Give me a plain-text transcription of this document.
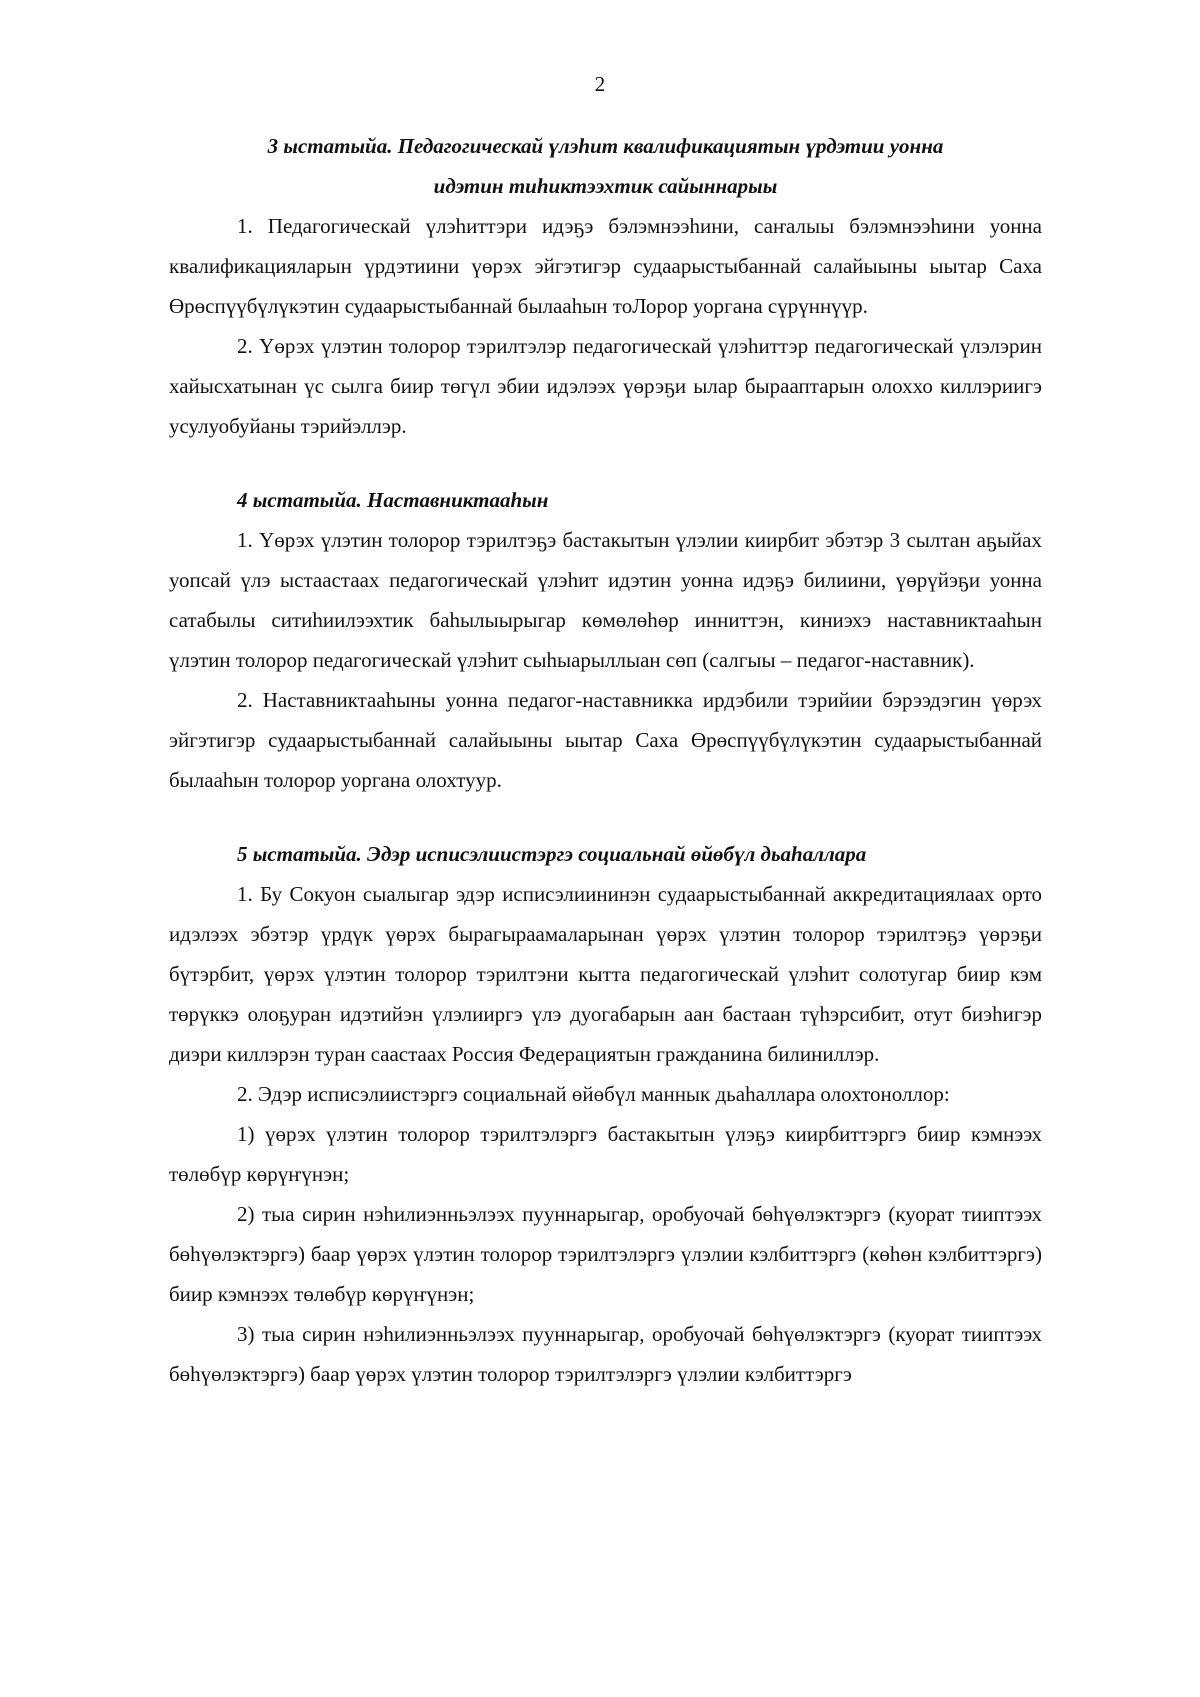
2
3 ыстатыйа. Педагогическай үлэһит квалификациятын үрдэтии уонна
идэтин тиһиктээхтик сайыннарыы

1. Педагогическай үлэһиттэри идэҕэ бэлэмнээһини, саҥалыы бэлэмнээһини уонна квалификацияларын үрдэтиини үөрэх эйгэтигэр судаарыстыбаннай салайыыны ыытар Саха Өрөспүүбүлүкэтин судаарыстыбаннай былааһын тоЛорор уоргана сүрүннүүр.

2. Үөрэх үлэтин толорор тэрилтэлэр педагогическай үлэһиттэр педагогическай үлэлэрин хайысхатынан үс сылга биир төгүл эбии идэлээх үөрэҕи ылар бырааптарын олоххо киллэриигэ усулуобуйаны тэрийэллэр.

4 ыстатыйа. Наставниктааһын

1. Үөрэх үлэтин толорор тэрилтэҕэ бастакытын үлэлии киирбит эбэтэр 3 сылтан аҕыйах уопсай үлэ ыстаастаах педагогическай үлэһит идэтин уонна идэҕэ билиини, үөрүйэҕи уонна сатабылы ситиһиилээхтик баһылыырыгар көмөлөһөр инниттэн, киниэхэ наставниктааһын үлэтин толорор педагогическай үлэһит сыһыарыллыан сөп (салгыы – педагог-наставник).

2. Наставниктааһыны уонна педагог-наставникка ирдэбили тэрийии бэрээдэгин үөрэх эйгэтигэр судаарыстыбаннай салайыыны ыытар Саха Өрөспүүбүлүкэтин судаарыстыбаннай былааһын толорор уоргана олохтуур.

5 ыстатыйа. Эдэр исписэлиистэргэ социальнай өйөбүл дьаһаллара

1. Бу Сокуон сыалыгар эдэр исписэлиининэн судаарыстыбаннай аккредитациялаах орто идэлээх эбэтэр үрдүк үөрэх бырагыраамаларынан үөрэх үлэтин толорор тэрилтэҕэ үөрэҕи бүтэрбит, үөрэх үлэтин толорор тэрилтэни кытта педагогическай үлэһит солотугар биир кэм төрүккэ олоҕуран идэтийэн үлэлииргэ үлэ дуогабарын аан бастаан түһэрсибит, отут биэһигэр диэри киллэрэн туран саастаах Россия Федерациятын гражданина билиниллэр.

2. Эдэр исписэлиистэргэ социальнай өйөбүл маннык дьаһаллара олохтоноллор:

1) үөрэх үлэтин толорор тэрилтэлэргэ бастакытын үлэҕэ киирбиттэргэ биир кэмнээх төлөбүр көрүҥүнэн;

2) тыа сирин нэһилиэнньэлээх пууннарыгар, оробуочай бөһүөлэктэргэ (куорат тииптээх бөһүөлэктэргэ) баар үөрэх үлэтин толорор тэрилтэлэргэ үлэлии кэлбиттэргэ (көһөн кэлбиттэргэ) биир кэмнээх төлөбүр көрүҥүнэн;

3) тыа сирин нэһилиэнньэлээх пууннарыгар, оробуочай бөһүөлэктэргэ (куорат тииптээх бөһүөлэктэргэ) баар үөрэх үлэтин толорор тэрилтэлэргэ үлэлии кэлбиттэргэ
